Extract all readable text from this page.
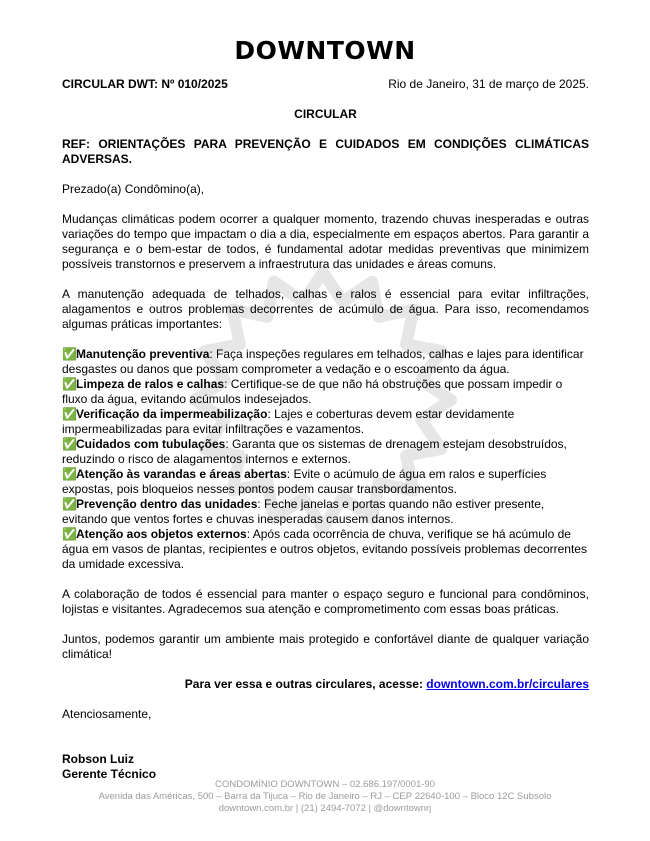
DOWNTOWN
CIRCULAR DWT: Nº 010/2025	Rio de Janeiro, 31 de março de 2025.

CIRCULAR

REF: ORIENTAÇÕES PARA PREVENÇÃO E CUIDADOS EM CONDIÇÕES CLIMÁTICAS ADVERSAS.

Prezado(a) Condômino(a),

Mudanças climáticas podem ocorrer a qualquer momento, trazendo chuvas inesperadas e outras variações do tempo que impactam o dia a dia, especialmente em espaços abertos. Para garantir a segurança e o bem-estar de todos, é fundamental adotar medidas preventivas que minimizem possíveis transtornos e preservem a infraestrutura das unidades e áreas comuns.

A manutenção adequada de telhados, calhas e ralos é essencial para evitar infiltrações, alagamentos e outros problemas decorrentes de acúmulo de água. Para isso, recomendamos algumas práticas importantes:

✅Manutenção preventiva: Faça inspeções regulares em telhados, calhas e lajes para identificar desgastes ou danos que possam comprometer a vedação e o escoamento da água.
✅Limpeza de ralos e calhas: Certifique-se de que não há obstruções que possam impedir o fluxo da água, evitando acúmulos indesejados.
✅Verificação da impermeabilização: Lajes e coberturas devem estar devidamente impermeabilizadas para evitar infiltrações e vazamentos.
✅Cuidados com tubulações: Garanta que os sistemas de drenagem estejam desobstruídos, reduzindo o risco de alagamentos internos e externos.
✅Atenção às varandas e áreas abertas: Evite o acúmulo de água em ralos e superfícies expostas, pois bloqueios nesses pontos podem causar transbordamentos.
✅Prevenção dentro das unidades: Feche janelas e portas quando não estiver presente, evitando que ventos fortes e chuvas inesperadas causem danos internos.
✅Atenção aos objetos externos: Após cada ocorrência de chuva, verifique se há acúmulo de água em vasos de plantas, recipientes e outros objetos, evitando possíveis problemas decorrentes da umidade excessiva.

A colaboração de todos é essencial para manter o espaço seguro e funcional para condôminos, lojistas e visitantes. Agradecemos sua atenção e comprometimento com essas boas práticas.

Juntos, podemos garantir um ambiente mais protegido e confortável diante de qualquer variação climática!

Para ver essa e outras circulares, acesse: downtown.com.br/circulares

Atenciosamente,

Robson Luiz

Gerente Técnico

CONDOMÍNIO DOWNTOWN – 02.686.197/0001-90
Avenida das Américas, 500 – Barra da Tijuca – Rio de Janeiro – RJ – CEP 22640-100 – Bloco 12C Subsolo
downtown.com.br | (21) 2494-7072 | @downtownrj
